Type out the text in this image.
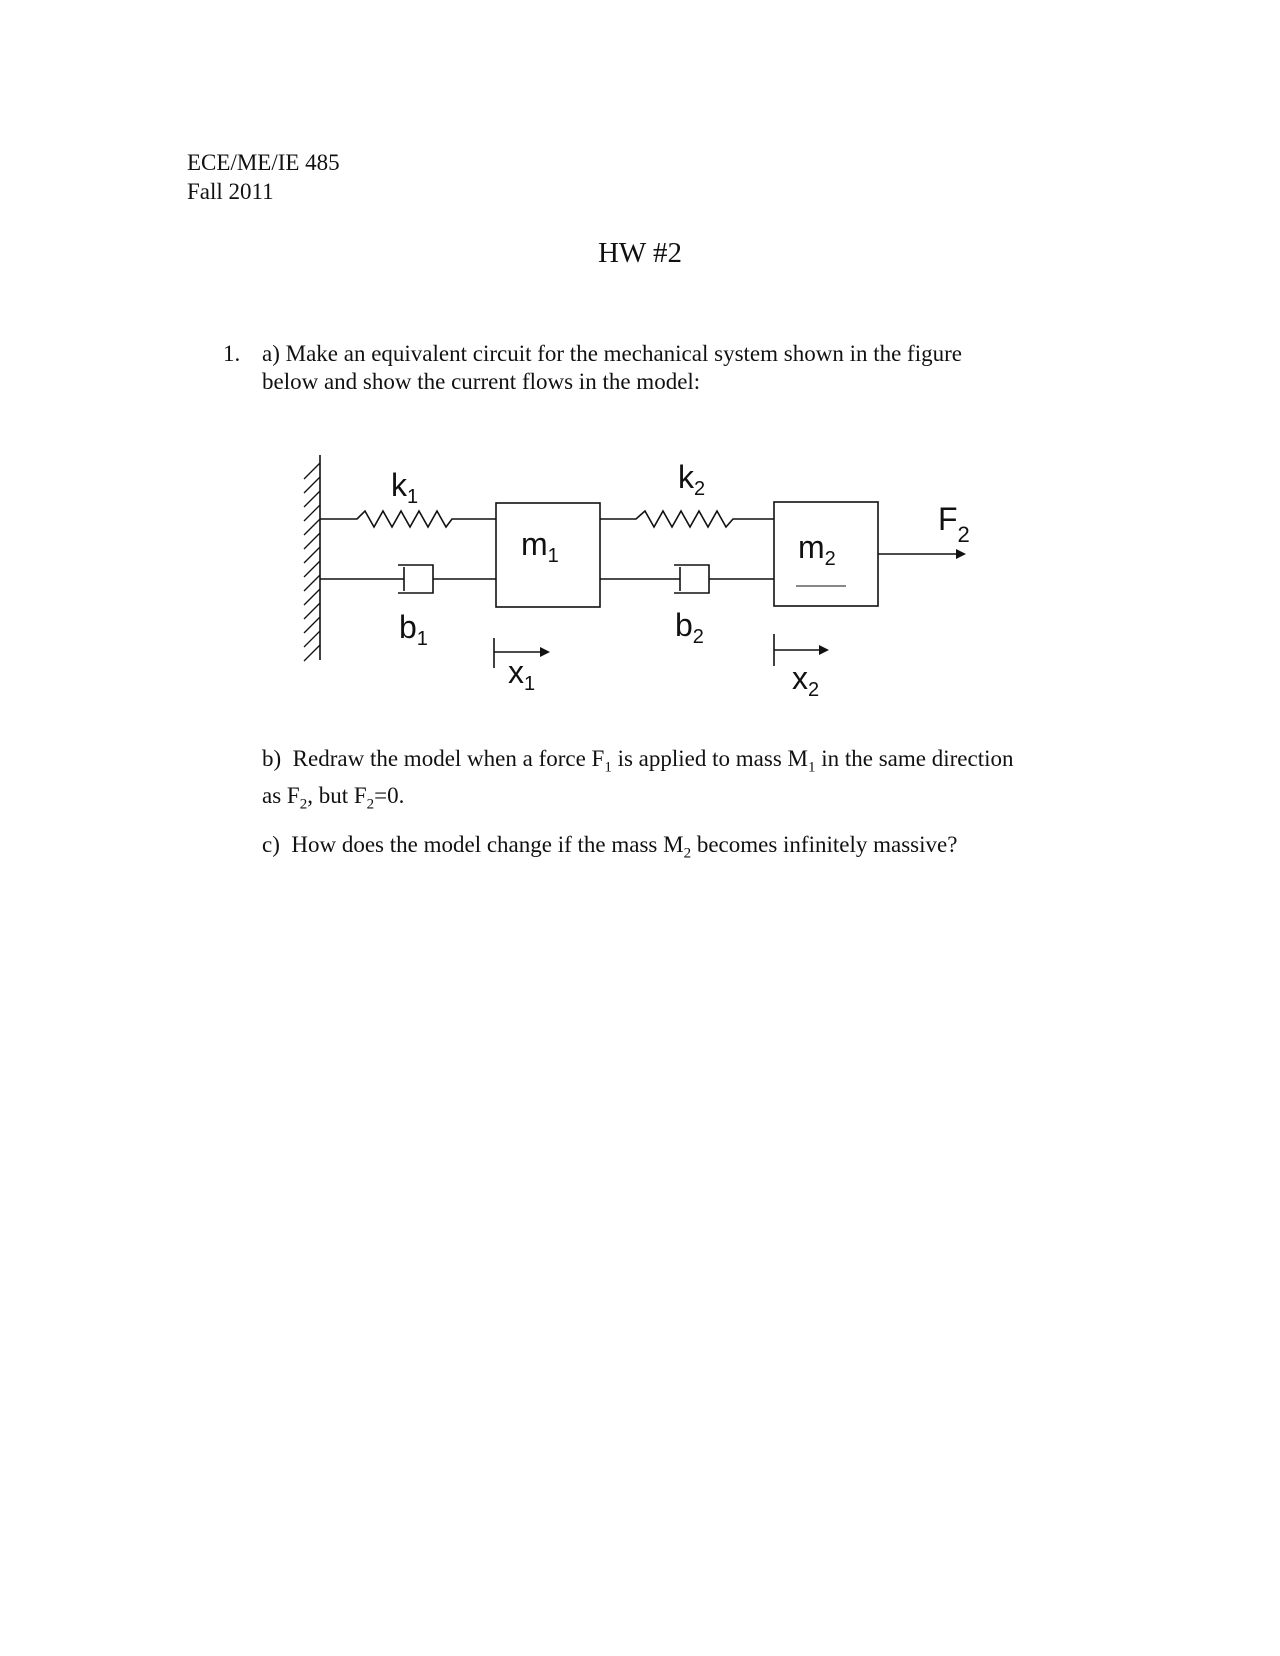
ECE/ME/IE 485
Fall 2011
HW #2
1. a) Make an equivalent circuit for the mechanical system shown in the figure
below and show the current flows in the model:
$k_1$
$k_2$
$m_1$	$m_2$
$b_1$	$b_2$
$x_1$	$x_2$
$F_2$
b) Redraw the model when a force $F_1$ is applied to mass $M_1$ in the same direction
as $F_2$, but $F_2=0$.
c) How does the model change if the mass $M_2$ becomes infinitely massive?
